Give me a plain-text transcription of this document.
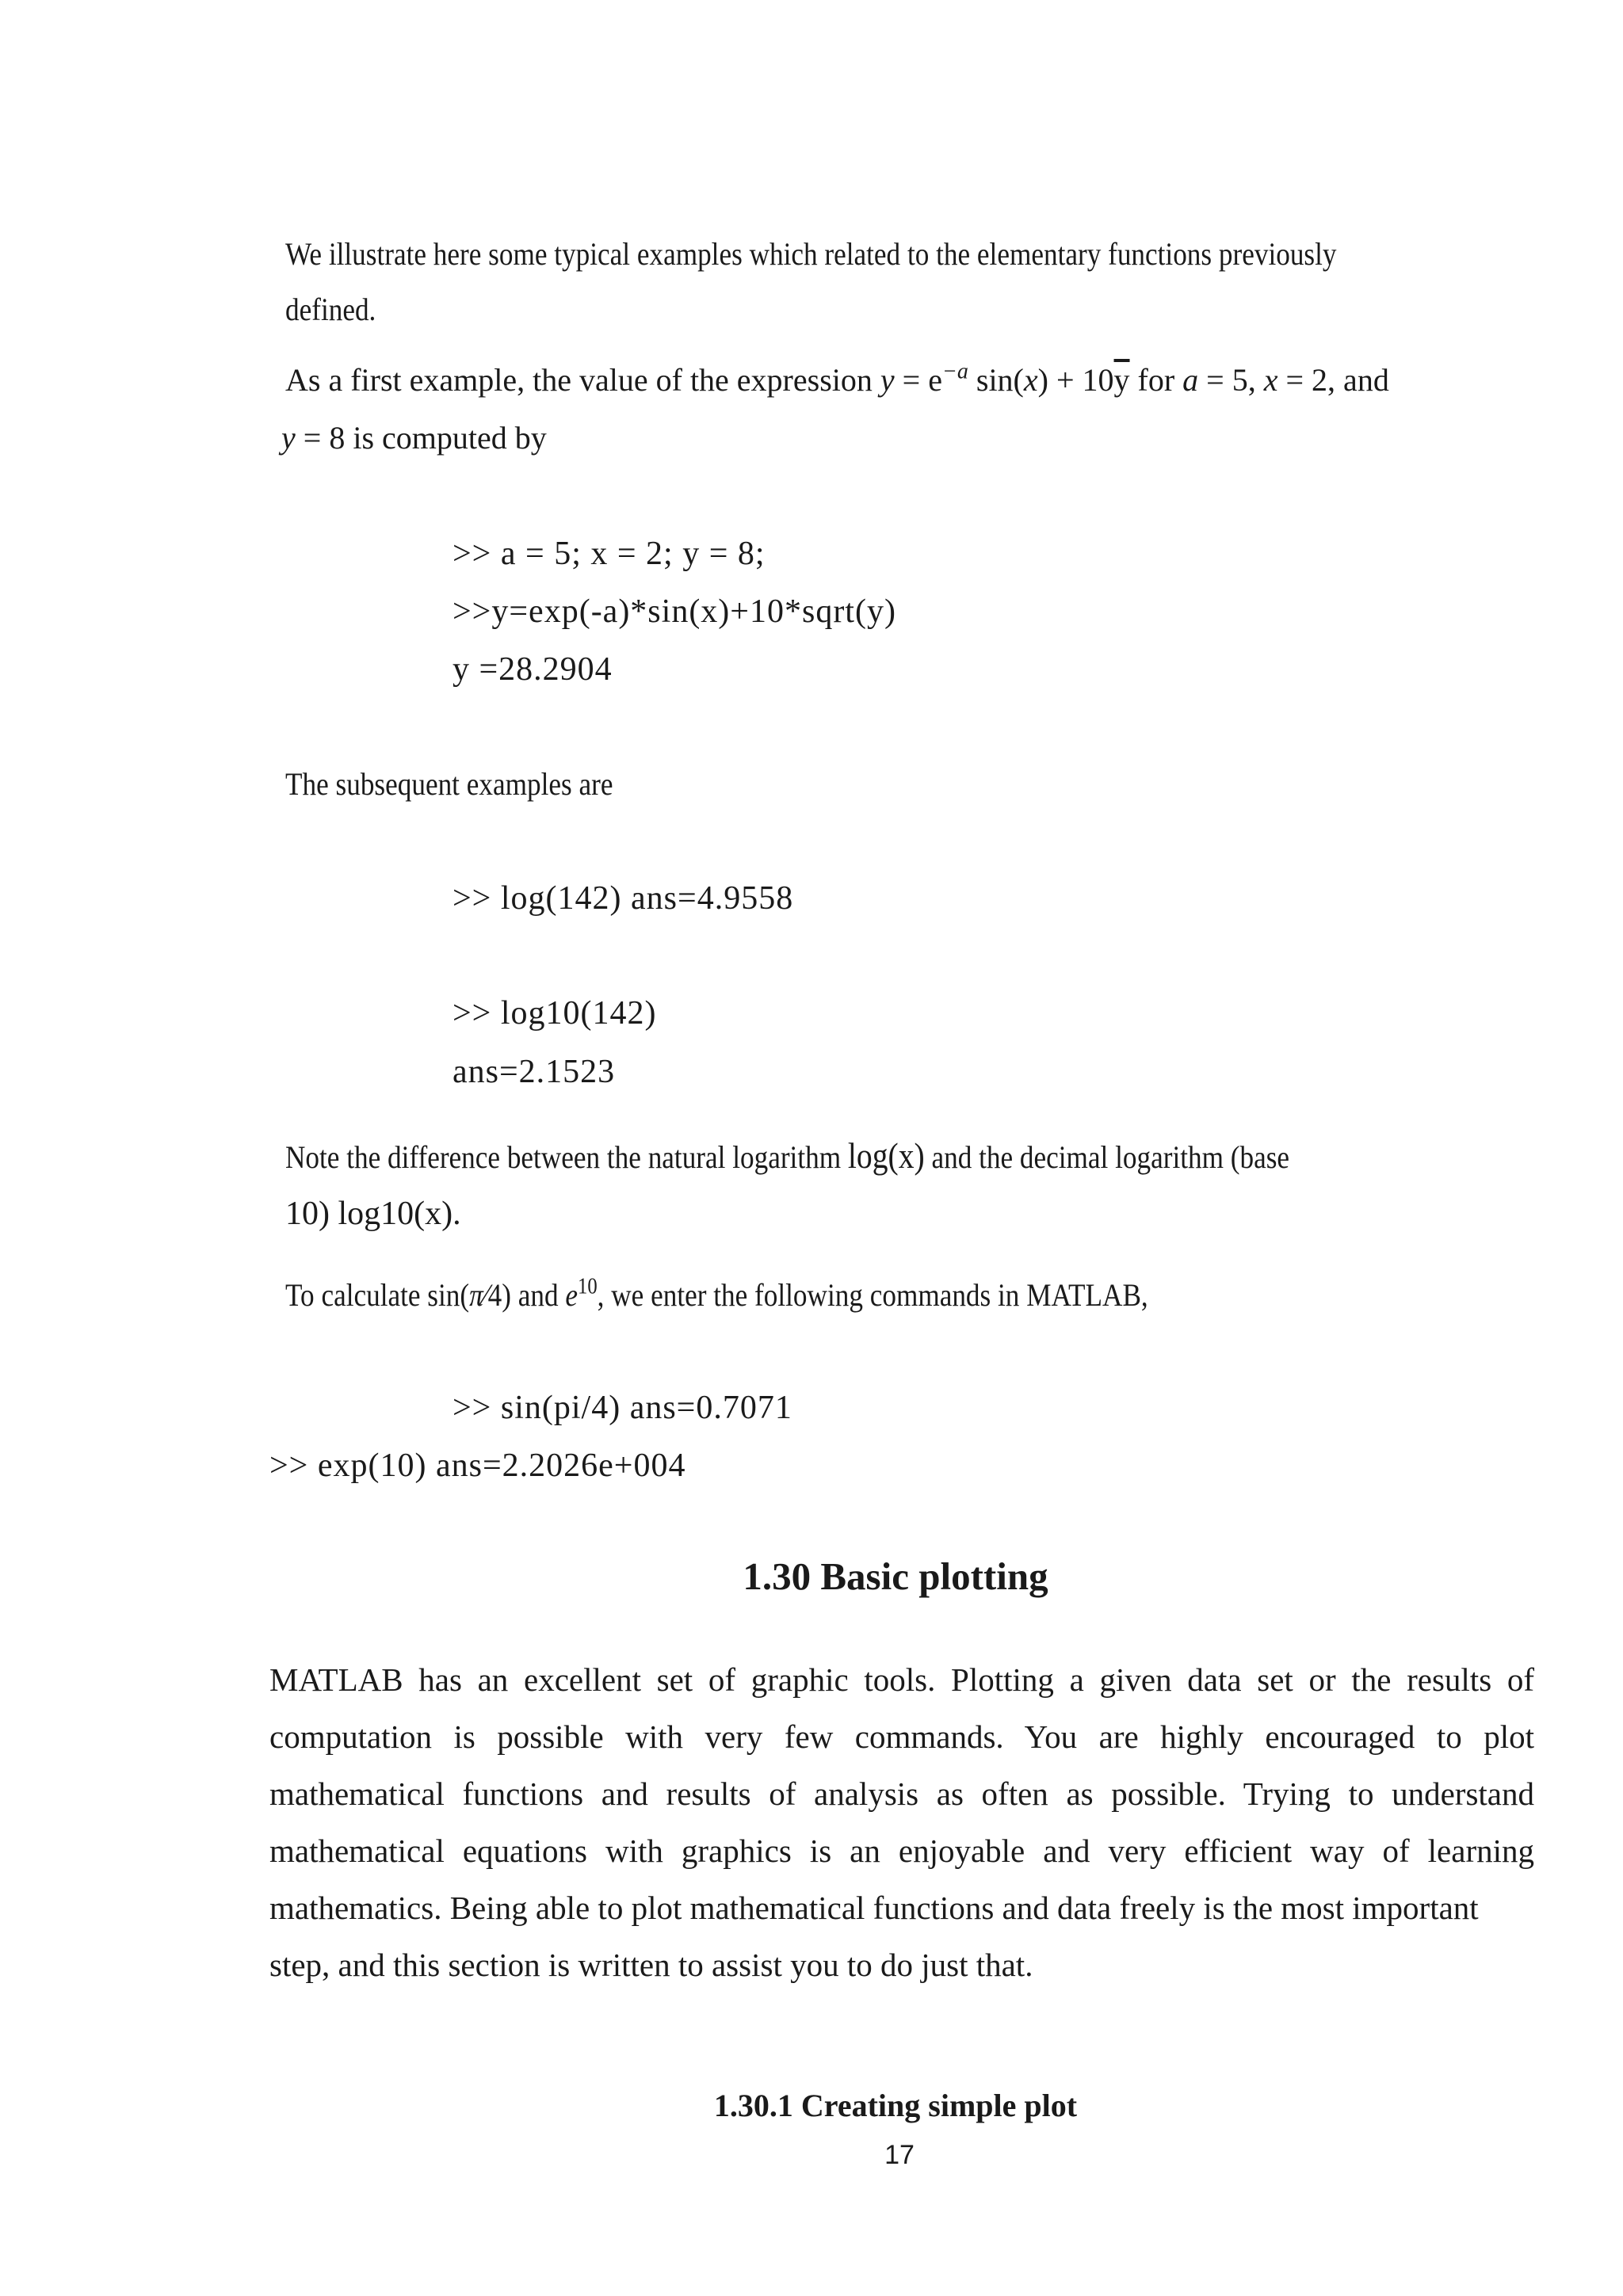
We illustrate here some typical examples which related to the elementary functions previously
defined.
As a first example, the value of the expression $y = e^{-a}$ $\sin(x) + 10\overline{y}$ for a = 5, x = 2, and
y = 8 is computed by
>> a = 5; x = 2; y = 8;
>>y=exp(-a)*sin(x)+10*sqrt(y)
y =28.2904
The subsequent examples are
>> log(142) ans=4.9558
>> log10(142)
ans=2.1523
Note the difference between the natural logarithm log(x) and the decimal logarithm (base
10) log10(x).
To calculate sin(π⁄4) and $e^{10}$, we enter the following commands in MATLAB,
>> sin(pi/4) ans=0.7071
>> exp(10) ans=2.2026e+004
1.30 Basic plotting
MATLAB has an excellent set of graphic tools. Plotting a given data set or the results of
computation is possible with very few commands. You are highly encouraged to plot
mathematical functions and results of analysis as often as possible. Trying to understand
mathematical equations with graphics is an enjoyable and very efficient way of learning
mathematics. Being able to plot mathematical functions and data freely is the most important
step, and this section is written to assist you to do just that.
1.30.1 Creating simple plot
17
